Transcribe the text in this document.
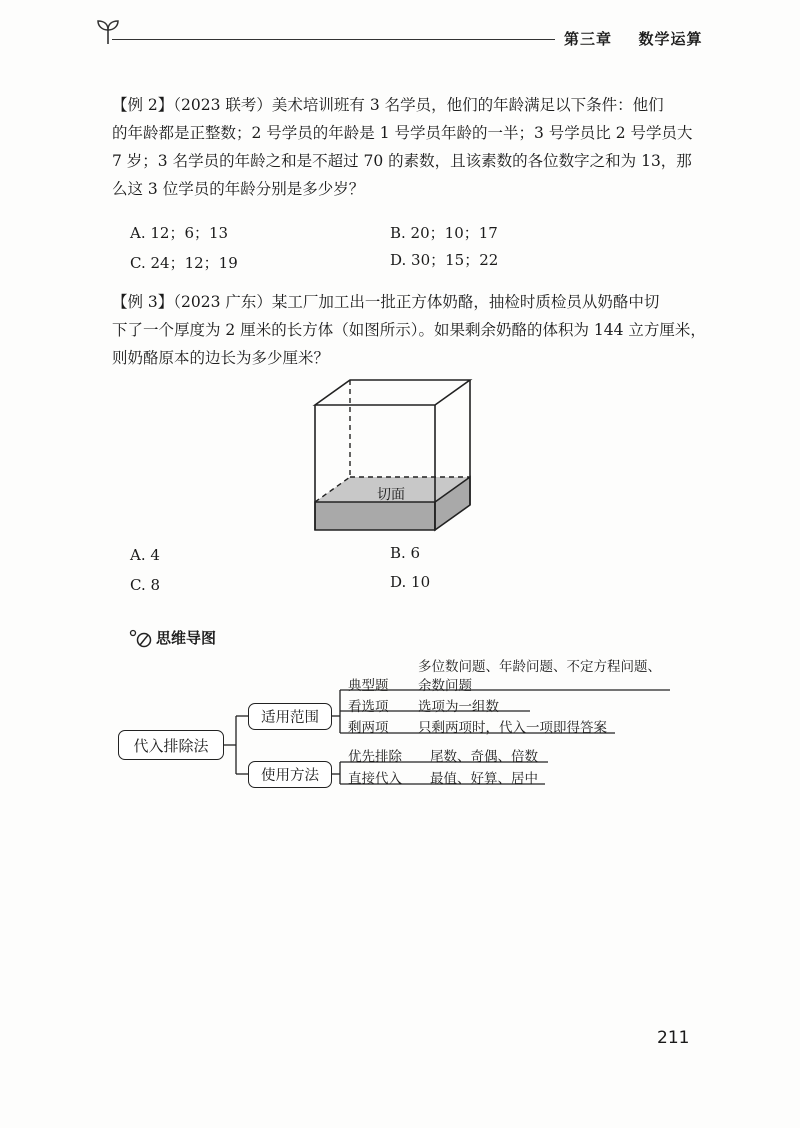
第三章 数学运算
【例 2】（2023 联考）美术培训班有 3 名学员，他们的年龄满足以下条件：他们
的年龄都是正整数；2 号学员的年龄是 1 号学员年龄的一半；3 号学员比 2 号学员大
7 岁；3 名学员的年龄之和是不超过 70 的素数，且该素数的各位数字之和为 13，那
么这 3 位学员的年龄分别是多少岁？
A. 12；6；13	B. 20；10；17
C. 24；12；19	D. 30；15；22
【例 3】（2023 广东）某工厂加工出一批正方体奶酪，抽检时质检员从奶酪中切
下了一个厚度为 2 厘米的长方体（如图所示）。如果剩余奶酪的体积为 144 立方厘米，
则奶酪原本的边长为多少厘米？
切面
A. 4	B. 6
C. 8	D. 10
思维导图
代入排除法
适用范围
使用方法
典型题
多位数问题、年龄问题、不定方程问题、
余数问题
看选项 选项为一组数
剩两项 只剩两项时，代入一项即得答案
优先排除 尾数、奇偶、倍数
直接代入 最值、好算、居中
211
